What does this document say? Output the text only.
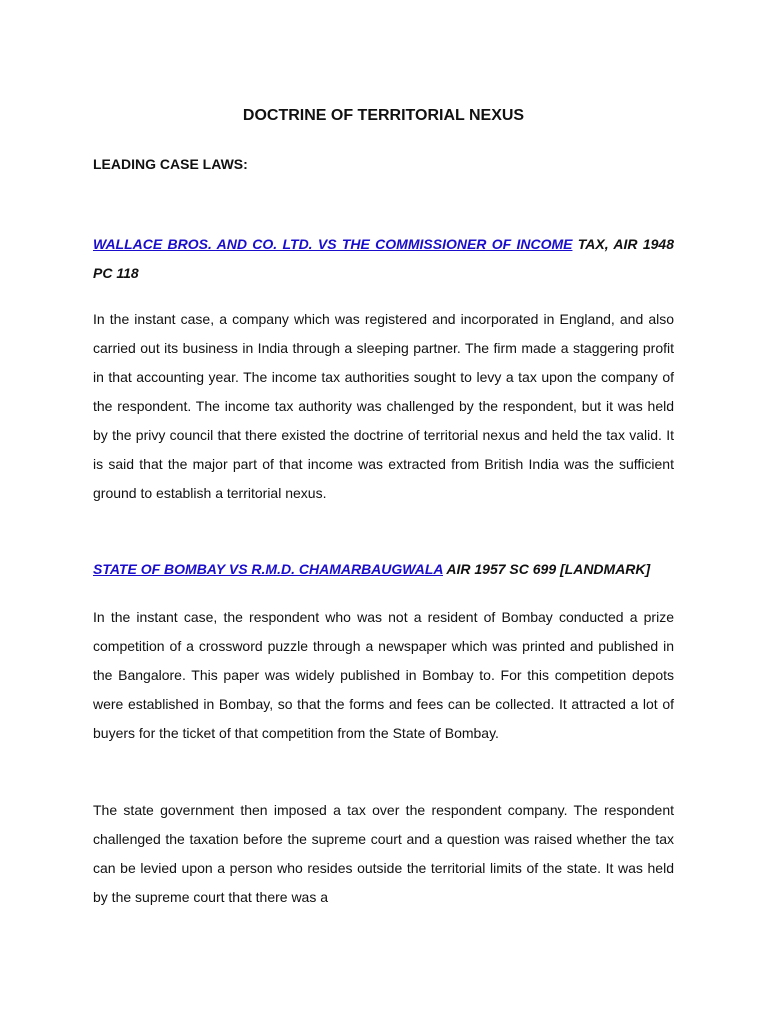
DOCTRINE OF TERRITORIAL NEXUS

LEADING CASE LAWS:

WALLACE BROS. AND CO. LTD. VS THE COMMISSIONER OF INCOME TAX, AIR 1948 PC 118

In the instant case, a company which was registered and incorporated in England, and also carried out its business in India through a sleeping partner. The firm made a staggering profit in that accounting year. The income tax authorities sought to levy a tax upon the company of the respondent. The income tax authority was challenged by the respondent, but it was held by the privy council that there existed the doctrine of territorial nexus and held the tax valid. It is said that the major part of that income was extracted from British India was the sufficient ground to establish a territorial nexus.

STATE OF BOMBAY VS R.M.D. CHAMARBAUGWALA AIR 1957 SC 699 [LANDMARK]

In the instant case, the respondent who was not a resident of Bombay conducted a prize competition of a crossword puzzle through a newspaper which was printed and published in the Bangalore. This paper was widely published in Bombay to. For this competition depots were established in Bombay, so that the forms and fees can be collected. It attracted a lot of buyers for the ticket of that competition from the State of Bombay.

The state government then imposed a tax over the respondent company. The respondent challenged the taxation before the supreme court and a question was raised whether the tax can be levied upon a person who resides outside the territorial limits of the state. It was held by the supreme court that there was a
